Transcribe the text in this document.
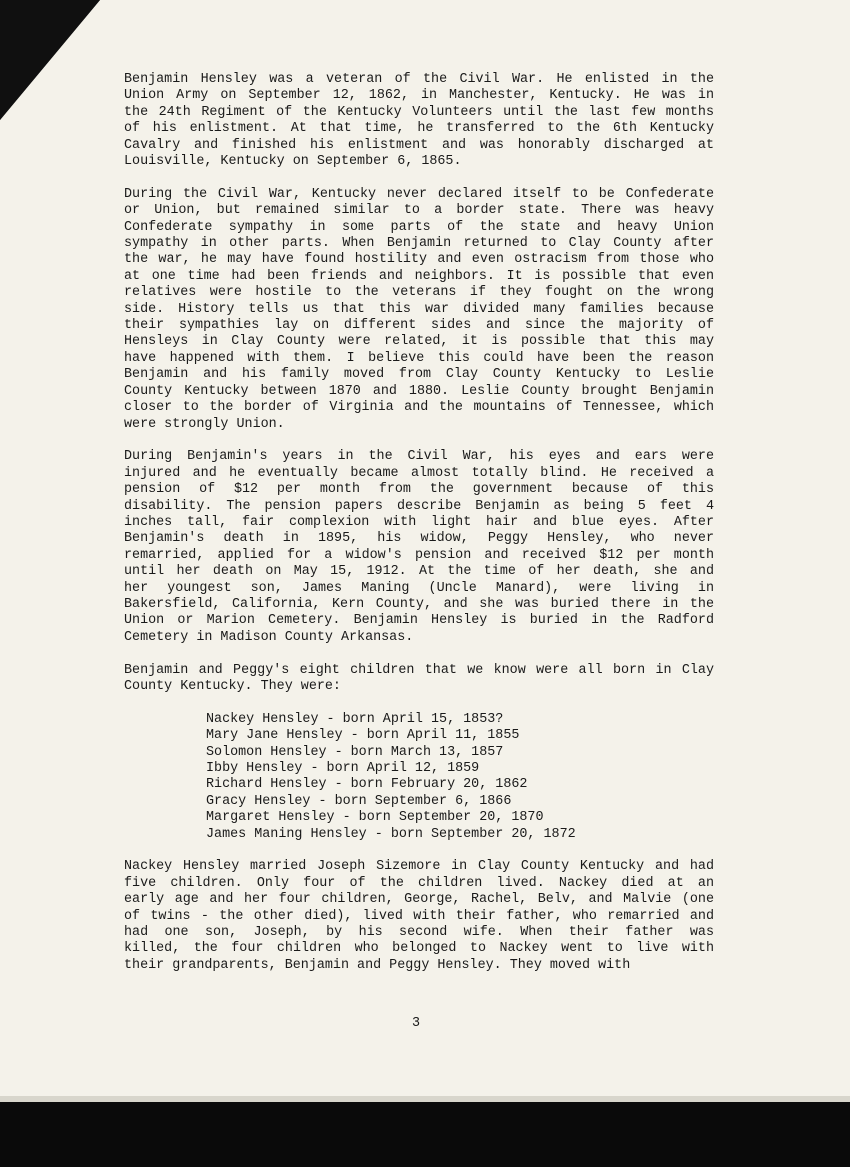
Benjamin Hensley was a veteran of the Civil War. He enlisted in the
Union Army on September 12, 1862, in Manchester, Kentucky. He was in
the 24th Regiment of the Kentucky Volunteers until the last few months
of his enlistment. At that time, he transferred to the 6th Kentucky
Cavalry and finished his enlistment and was honorably discharged at
Louisville, Kentucky on September 6, 1865.
During the Civil War, Kentucky never declared itself to be Confederate
or Union, but remained similar to a border state. There was heavy
Confederate sympathy in some parts of the state and heavy Union
sympathy in other parts. When Benjamin returned to Clay County after
the war, he may have found hostility and even ostracism from those who
at one time had been friends and neighbors. It is possible that even
relatives were hostile to the veterans if they fought on the wrong
side. History tells us that this war divided many families because
their sympathies lay on different sides and since the majority of
Hensleys in Clay County were related, it is possible that this may
have happened with them. I believe this could have been the reason
Benjamin and his family moved from Clay County Kentucky to Leslie
County Kentucky between 1870 and 1880. Leslie County brought Benjamin
closer to the border of Virginia and the mountains of Tennessee, which
were strongly Union.
During Benjamin's years in the Civil War, his eyes and ears were
injured and he eventually became almost totally blind. He received a
pension of $12 per month from the government because of this
disability. The pension papers describe Benjamin as being 5 feet 4
inches tall, fair complexion with light hair and blue eyes. After
Benjamin's death in 1895, his widow, Peggy Hensley, who never
remarried, applied for a widow's pension and received $12 per month
until her death on May 15, 1912. At the time of her death, she and
her youngest son, James Maning (Uncle Manard), were living in
Bakersfield, California, Kern County, and she was buried there in the
Union or Marion Cemetery. Benjamin Hensley is buried in the Radford
Cemetery in Madison County Arkansas.
Benjamin and Peggy's eight children that we know were all born in Clay
County Kentucky. They were:
Nackey Hensley - born April 15, 1853?
Mary Jane Hensley - born April 11, 1855
Solomon Hensley - born March 13, 1857
Ibby Hensley - born April 12, 1859
Richard Hensley - born February 20, 1862
Gracy Hensley - born September 6, 1866
Margaret Hensley - born September 20, 1870
James Maning Hensley - born September 20, 1872
Nackey Hensley married Joseph Sizemore in Clay County Kentucky and had
five children. Only four of the children lived. Nackey died at an
early age and her four children, George, Rachel, Belv, and Malvie (one
of twins - the other died), lived with their father, who remarried and
had one son, Joseph, by his second wife. When their father was
killed, the four children who belonged to Nackey went to live with
their grandparents, Benjamin and Peggy Hensley. They moved with
3
